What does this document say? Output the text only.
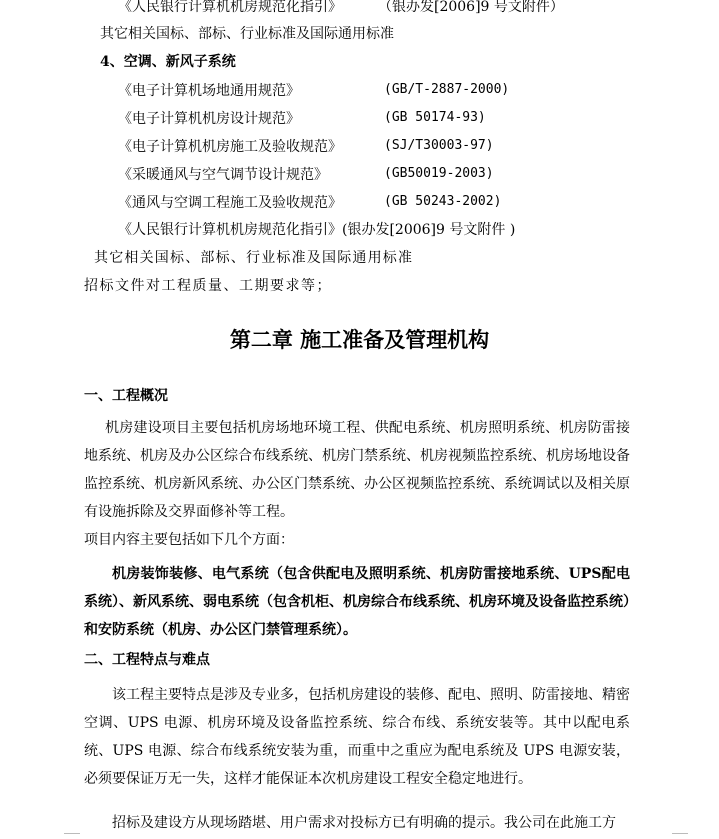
《人民银行计算机机房规范化指引》	（银办发[2006]9 号文附件）
其它相关国标、部标、行业标准及国际通用标准
4、空调、新风子系统
《电子计算机场地通用规范》	(GB/T-2887-2000)
《电子计算机机房设计规范》	(GB 50174-93)
《电子计算机机房施工及验收规范》	(SJ/T30003-97)
《采暖通风与空气调节设计规范》	(GB50019-2003)
《通风与空调工程施工及验收规范》	(GB 50243-2002)
《人民银行计算机机房规范化指引》(银办发[2006]9 号文附件 )
其它相关国标、部标、行业标准及国际通用标准
招标文件对工程质量、工期要求等；
第二章 施工准备及管理机构
一、工程概况
机房建设项目主要包括机房场地环境工程、供配电系统、机房照明系统、机房防雷接地系统、机房及办公区综合布线系统、机房门禁系统、机房视频监控系统、机房场地设备监控系统、机房新风系统、办公区门禁系统、办公区视频监控系统、系统调试以及相关原有设施拆除及交界面修补等工程。
项目内容主要包括如下几个方面：
机房装饰装修、电气系统（包含供配电及照明系统、机房防雷接地系统、UPS配电系统）、新风系统、弱电系统（包含机柜、机房综合布线系统、机房环境及设备监控系统）和安防系统（机房、办公区门禁管理系统）。
二、工程特点与难点
该工程主要特点是涉及专业多，包括机房建设的装修、配电、照明、防雷接地、精密空调、UPS 电源、机房环境及设备监控系统、综合布线、系统安装等。其中以配电系统、UPS 电源、综合布线系统安装为重，而重中之重应为配电系统及 UPS 电源安装，必须要保证万无一失，这样才能保证本次机房建设工程安全稳定地进行。
招标及建设方从现场踏堪、用户需求对投标方已有明确的提示。我公司在此施工方
